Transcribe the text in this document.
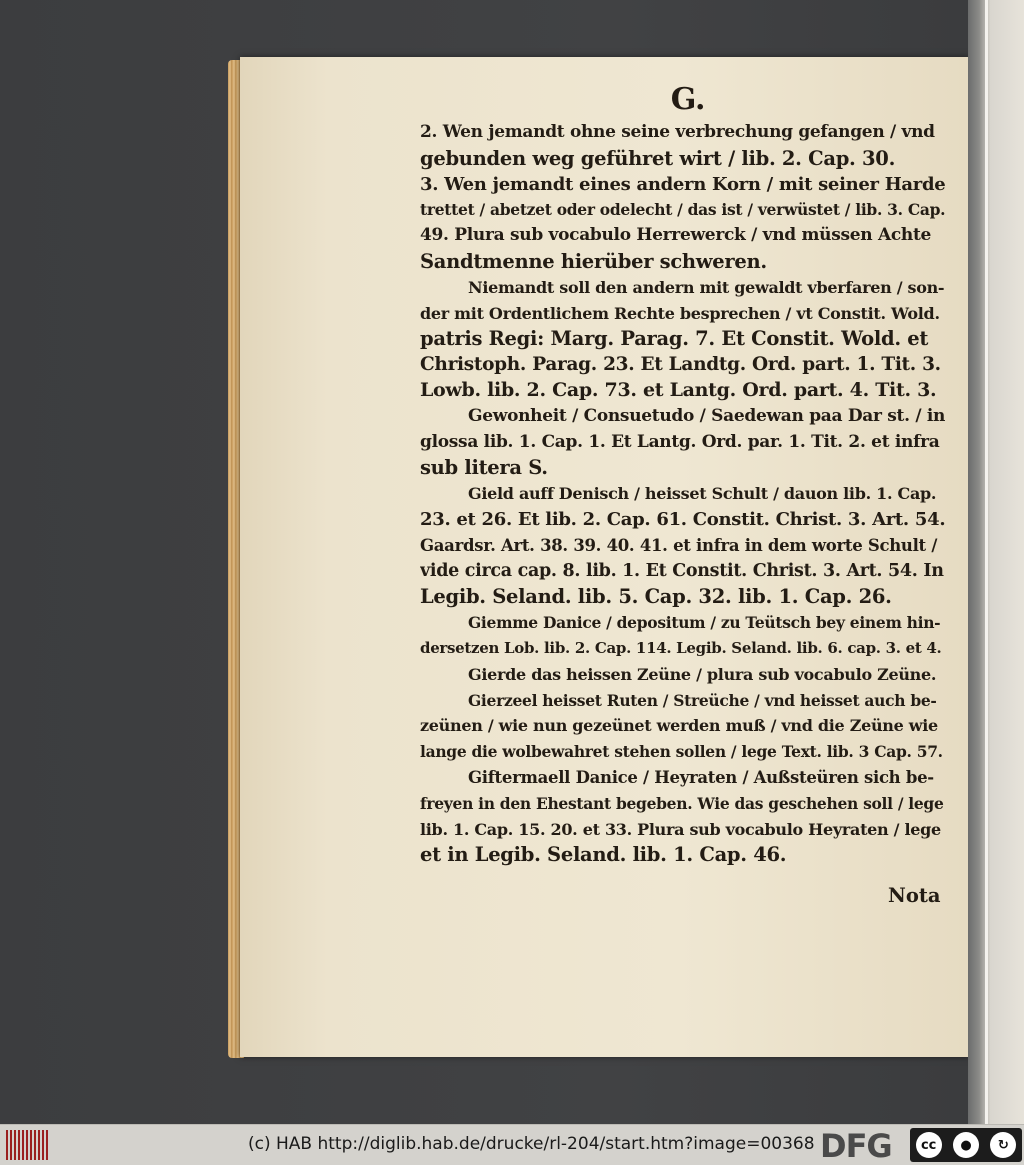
G.
2. Wen jemandt ohne seine verbrechung gefangen / vnd
gebunden weg geführet wirt / lib. 2. Cap. 30.
3. Wen jemandt eines andern Korn / mit seiner Harde
trettet / abetzet oder odelecht / das ist / verwüstet / lib. 3. Cap.
49. Plura sub vocabulo Herrewerck / vnd müssen Achte
Sandtmenne hierüber schweren.
Niemandt soll den andern mit gewaldt vberfaren / son-
der mit Ordentlichem Rechte besprechen / vt Constit. Wold.
patris Regi: Marg. Parag. 7. Et Constit. Wold. et
Christoph. Parag. 23. Et Landtg. Ord. part. 1. Tit. 3.
Lowb. lib. 2. Cap. 73. et Lantg. Ord. part. 4. Tit. 3.
Gewonheit / Consuetudo / Saedewan paa Dar st. / in
glossa lib. 1. Cap. 1. Et Lantg. Ord. par. 1. Tit. 2. et infra
sub litera S.
Gield auff Denisch / heisset Schult / dauon lib. 1. Cap.
23. et 26. Et lib. 2. Cap. 61. Constit. Christ. 3. Art. 54.
Gaardsr. Art. 38. 39. 40. 41. et infra in dem worte Schult /
vide circa cap. 8. lib. 1. Et Constit. Christ. 3. Art. 54. In
Legib. Seland. lib. 5. Cap. 32. lib. 1. Cap. 26.
Giemme Danice / depositum / zu Teütsch bey einem hin-
dersetzen Lob. lib. 2. Cap. 114. Legib. Seland. lib. 6. cap. 3. et 4.
Gierde das heissen Zeüne / plura sub vocabulo Zeüne.
Gierzeel heisset Ruten / Streüche / vnd heisset auch be-
zeünen / wie nun gezeünet werden muß / vnd die Zeüne wie
lange die wolbewahret stehen sollen / lege Text. lib. 3 Cap. 57.
Giftermaell Danice / Heyraten / Außsteüren sich be-
freyen in den Ehestant begeben. Wie das geschehen soll / lege
lib. 1. Cap. 15. 20. et 33. Plura sub vocabulo Heyraten / lege
et in Legib. Seland. lib. 1. Cap. 46.
Nota
(c) HAB http://diglib.hab.de/drucke/rl-204/start.htm?image=00368 DFG	cc	●	↻
